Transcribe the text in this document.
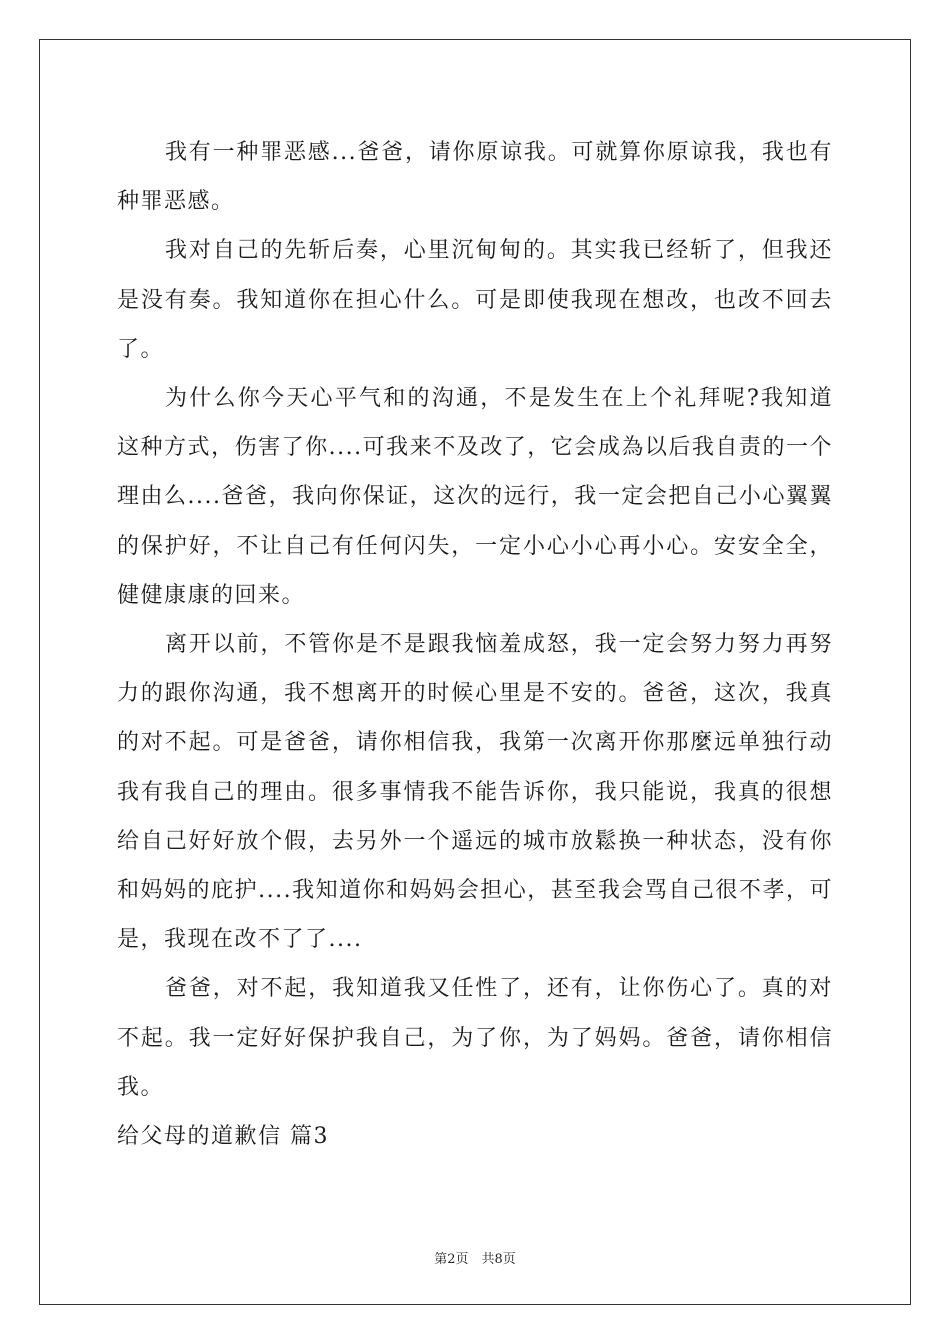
我有一种罪恶感...爸爸，请你原谅我。可就算你原谅我，我也有种罪恶感。

我对自己的先斩后奏，心里沉甸甸的。其实我已经斩了，但我还是没有奏。我知道你在担心什么。可是即使我现在想改，也改不回去了。

为什么你今天心平气和的沟通，不是发生在上个礼拜呢?我知道这种方式，伤害了你....可我来不及改了，它会成為以后我自责的一个理由么....爸爸，我向你保证，这次的远行，我一定会把自己小心翼翼的保护好，不让自己有任何闪失，一定小心小心再小心。安安全全，健健康康的回来。

离开以前，不管你是不是跟我恼羞成怒，我一定会努力努力再努力的跟你沟通，我不想离开的时候心里是不安的。爸爸，这次，我真的对不起。可是爸爸，请你相信我，我第一次离开你那麼远单独行动我有我自己的理由。很多事情我不能告诉你，我只能说，我真的很想给自己好好放个假，去另外一个遥远的城市放鬆换一种状态，没有你和妈妈的庇护....我知道你和妈妈会担心，甚至我会骂自己很不孝，可是，我现在改不了了....

爸爸，对不起，我知道我又任性了，还有，让你伤心了。真的对不起。我一定好好保护我自己，为了你，为了妈妈。爸爸，请你相信我。

给父母的道歉信 篇3

第2页　共8页
